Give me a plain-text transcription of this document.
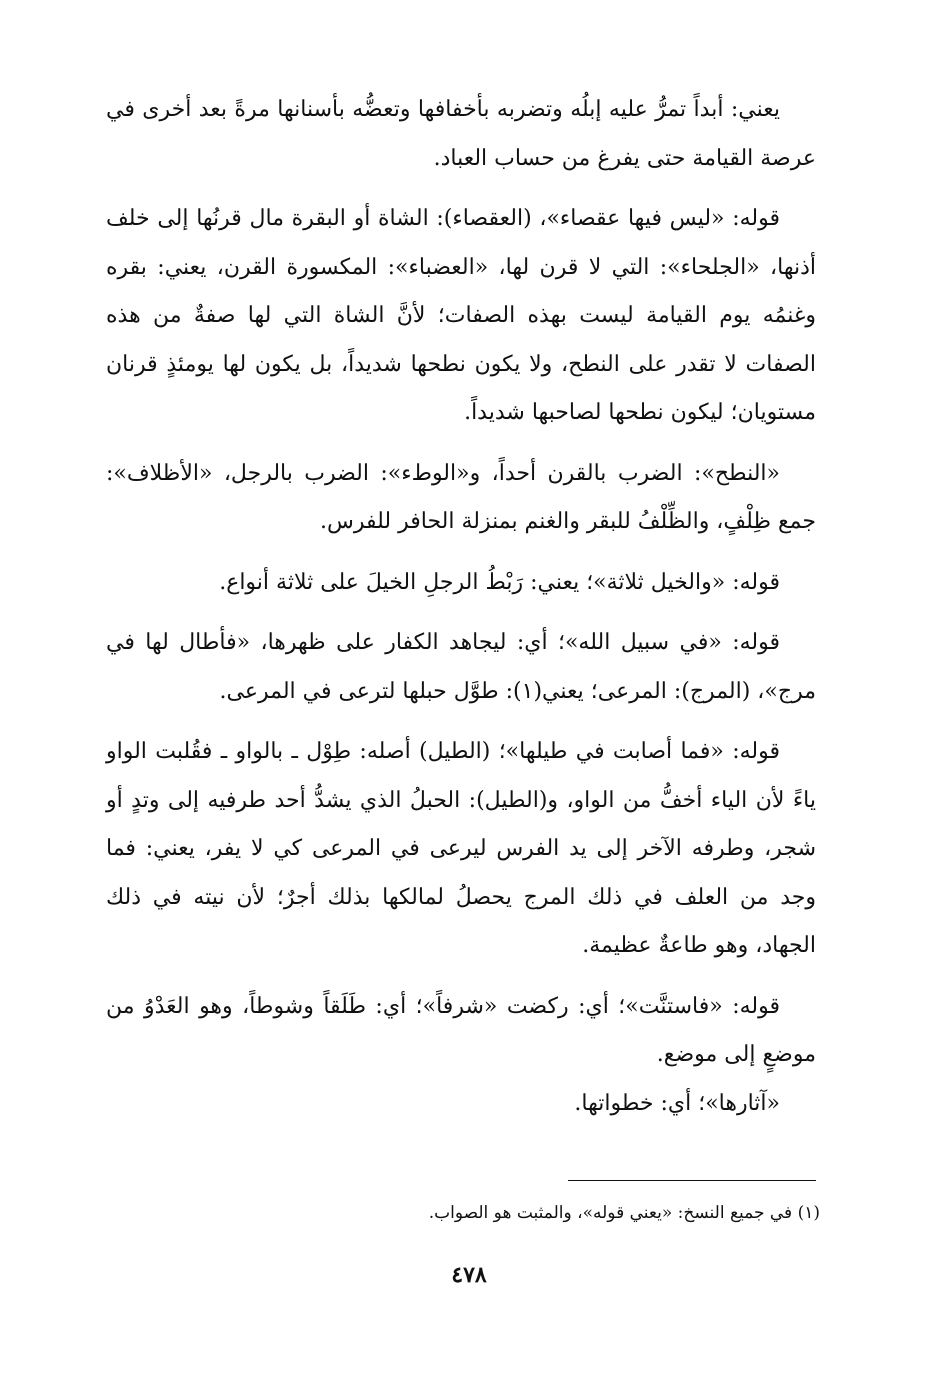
يعني: أبداً تمرُّ عليه إبلُه وتضربه بأخفافها وتعضُّه بأسنانها مرةً بعد أخرى في عرصة القيامة حتى يفرغ من حساب العباد.

قوله: «ليس فيها عقصاء»، (العقصاء): الشاة أو البقرة مال قرنُها إلى خلف أذنها، «الجلحاء»: التي لا قرن لها، «العضباء»: المكسورة القرن، يعني: بقره وغنمُه يوم القيامة ليست بهذه الصفات؛ لأنَّ الشاة التي لها صفةٌ من هذه الصفات لا تقدر على النطح، ولا يكون نطحها شديداً، بل يكون لها يومئذٍ قرنان مستويان؛ ليكون نطحها لصاحبها شديداً.

«النطح»: الضرب بالقرن أحداً، و«الوطء»: الضرب بالرجل، «الأظلاف»: جمع ظِلْفٍ، والظِّلْفُ للبقر والغنم بمنزلة الحافر للفرس.

قوله: «والخيل ثلاثة»؛ يعني: رَبْطُ الرجلِ الخيلَ على ثلاثة أنواع.

قوله: «في سبيل الله»؛ أي: ليجاهد الكفار على ظهرها، «فأطال لها في مرج»، (المرج): المرعى؛ يعني(١): طوَّل حبلها لترعى في المرعى.

قوله: «فما أصابت في طيلها»؛ (الطيل) أصله: طِوْل ـ بالواو ـ فقُلبت الواو ياءً لأن الياء أخفُّ من الواو، و(الطيل): الحبلُ الذي يشدُّ أحد طرفيه إلى وتدٍ أو شجر، وطرفه الآخر إلى يد الفرس ليرعى في المرعى كي لا يفر، يعني: فما وجد من العلف في ذلك المرج يحصلُ لمالكها بذلك أجرٌ؛ لأن نيته في ذلك الجهاد، وهو طاعةٌ عظيمة.

قوله: «فاستنَّت»؛ أي: ركضت «شرفاً»؛ أي: طَلَقاً وشوطاً، وهو العَدْوُ من موضعٍ إلى موضع.

«آثارها»؛ أي: خطواتها.

(١) في جميع النسخ: «يعني قوله»، والمثبت هو الصواب.
٤٧٨
